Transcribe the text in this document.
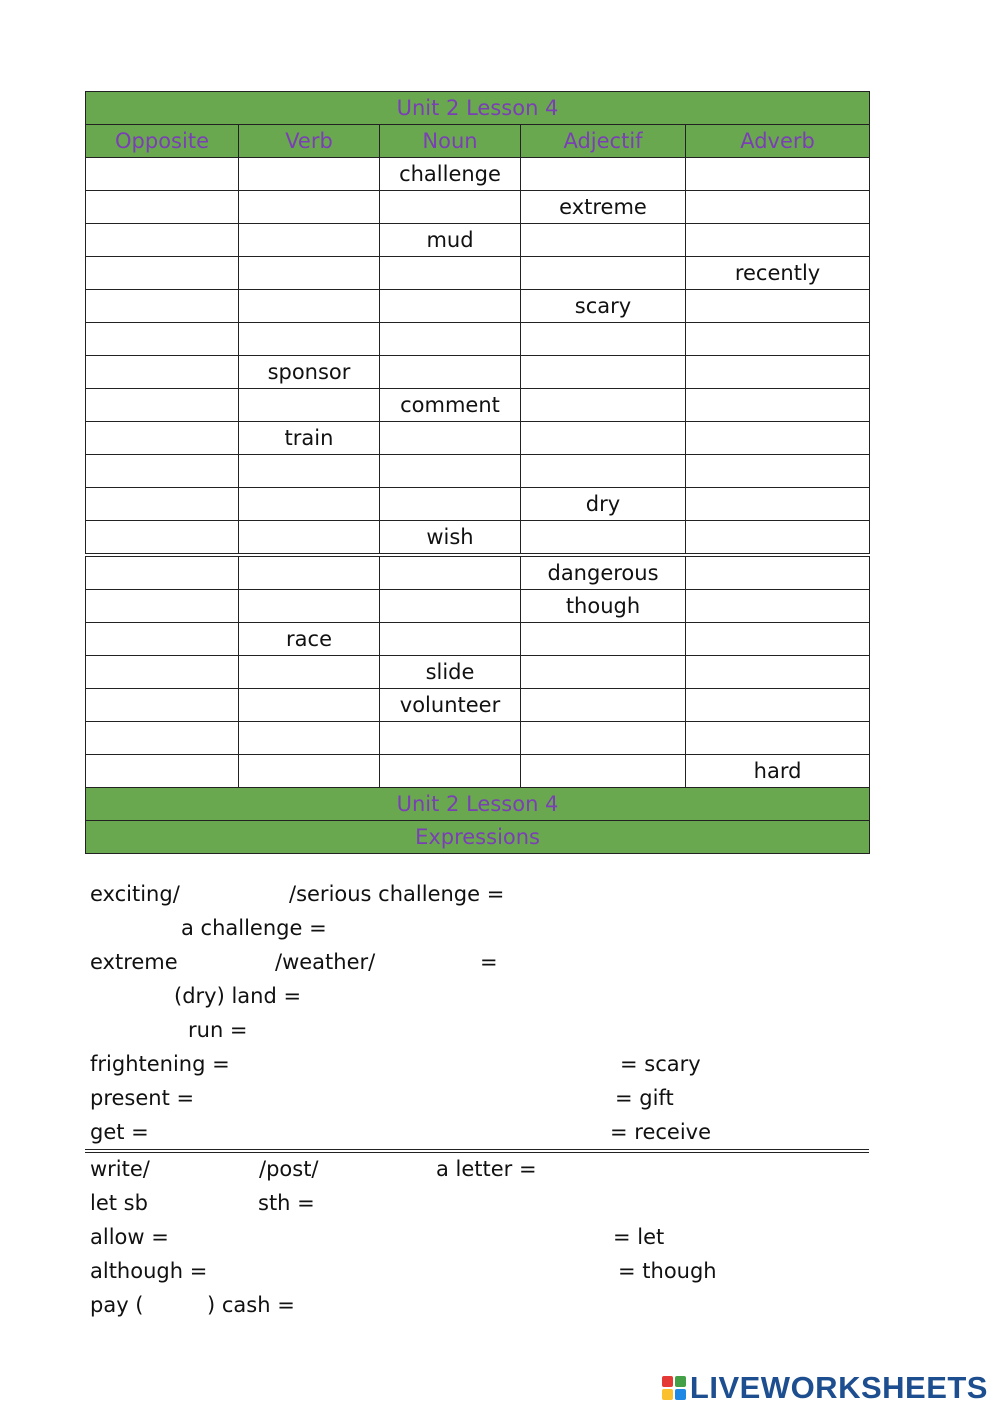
Unit 2 Lesson 4				
Opposite	Verb	Noun	Adjectif	Adverb
		challenge		
			extreme	
		mud		
				recently
			scary	

	sponsor			
		comment		
	train			

			dry	
		wish		
			dangerous	
			though	
	race			
		slide		
		volunteer		

				hard
Unit 2 Lesson 4				
Expressions				
exciting/	/serious challenge =
a challenge =
extreme	/weather/	=
(dry) land =
run =
frightening =	= scary
present =	= gift
get =	= receive
write/	/post/	a letter =
let sb	sth =
allow =	= let
although =	= though
pay (	) cash =
LIVEWORKSHEETS
